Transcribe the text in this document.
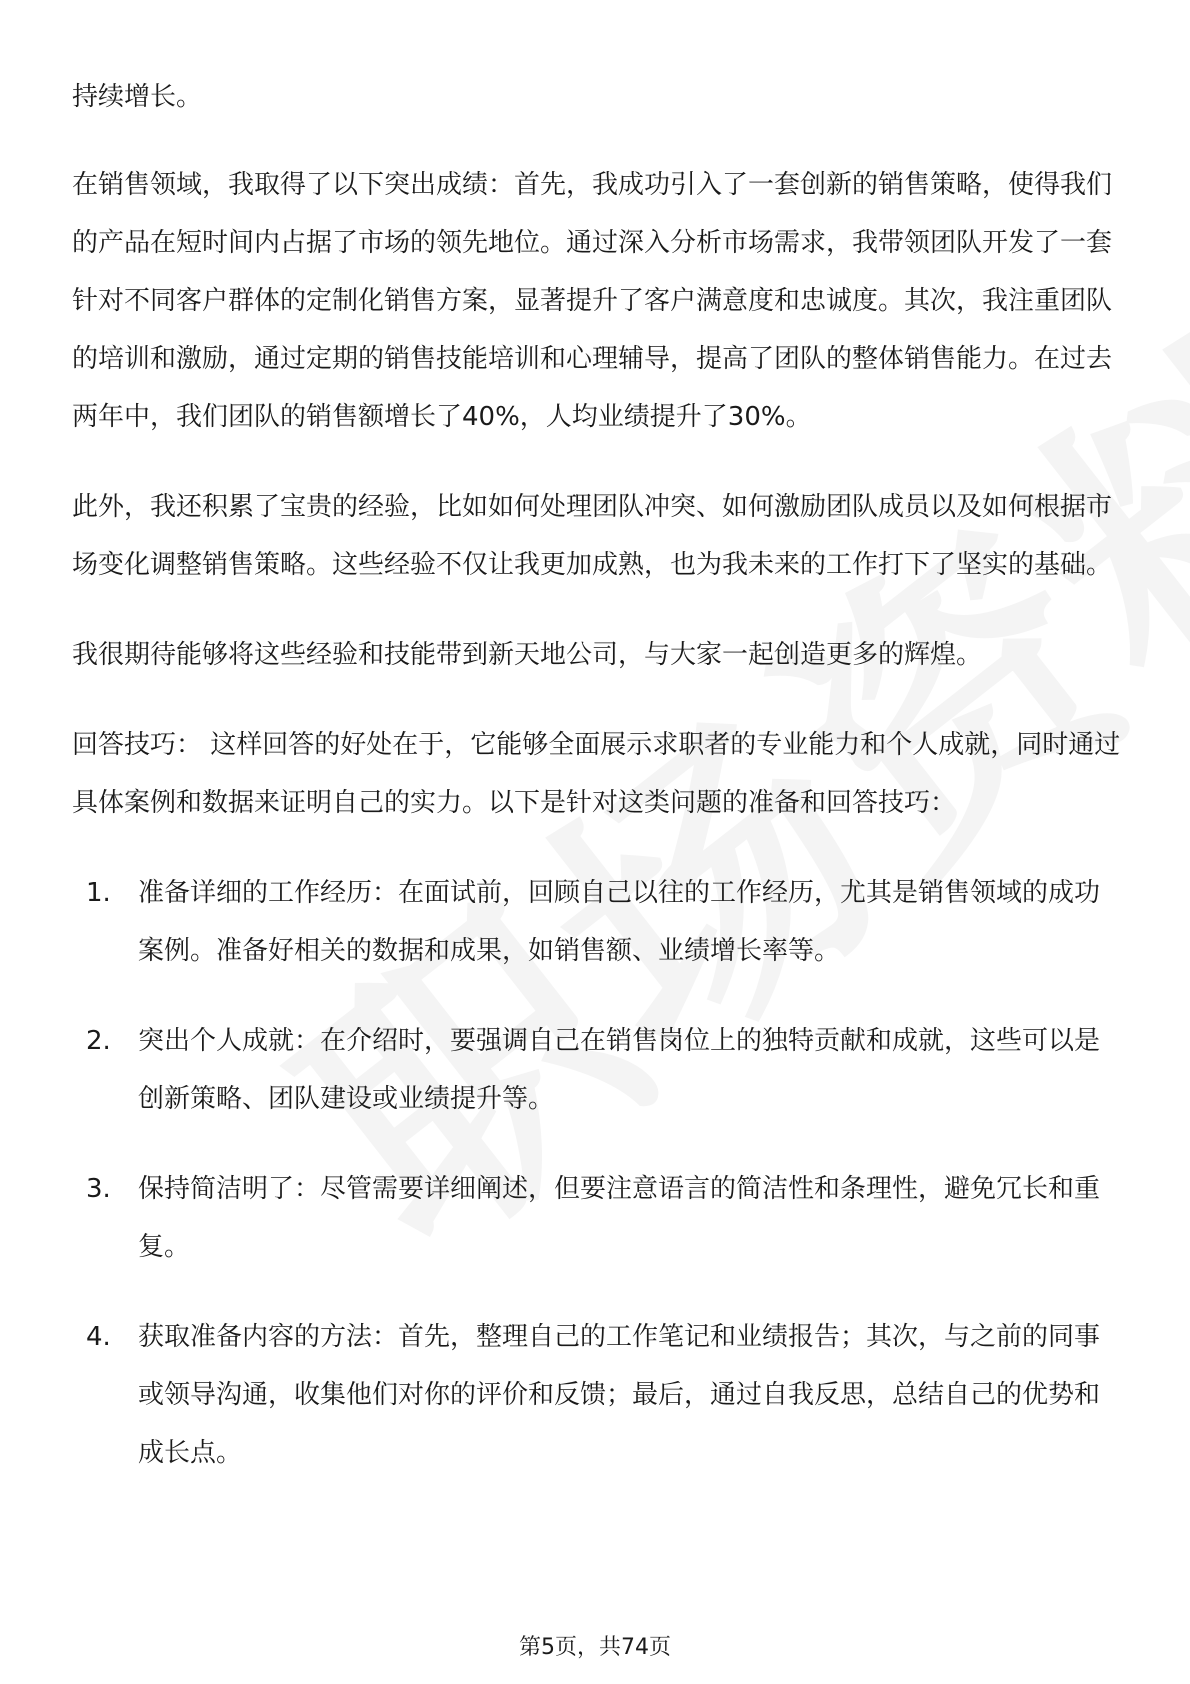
持续增长。

在销售领域，我取得了以下突出成绩：首先，我成功引入了一套创新的销售策略，使得我们的产品在短时间内占据了市场的领先地位。通过深入分析市场需求，我带领团队开发了一套针对不同客户群体的定制化销售方案，显著提升了客户满意度和忠诚度。其次，我注重团队的培训和激励，通过定期的销售技能培训和心理辅导，提高了团队的整体销售能力。在过去两年中，我们团队的销售额增长了40%，人均业绩提升了30%。

此外，我还积累了宝贵的经验，比如如何处理团队冲突、如何激励团队成员以及如何根据市场变化调整销售策略。这些经验不仅让我更加成熟，也为我未来的工作打下了坚实的基础。

我很期待能够将这些经验和技能带到新天地公司，与大家一起创造更多的辉煌。

回答技巧： 这样回答的好处在于，它能够全面展示求职者的专业能力和个人成就，同时通过具体案例和数据来证明自己的实力。以下是针对这类问题的准备和回答技巧：

1.	准备详细的工作经历：在面试前，回顾自己以往的工作经历，尤其是销售领域的成功案例。准备好相关的数据和成果，如销售额、业绩增长率等。
2.	突出个人成就：在介绍时，要强调自己在销售岗位上的独特贡献和成就，这些可以是创新策略、团队建设或业绩提升等。
3.	保持简洁明了：尽管需要详细阐述，但要注意语言的简洁性和条理性，避免冗长和重复。
4.	获取准备内容的方法：首先，整理自己的工作笔记和业绩报告；其次，与之前的同事或领导沟通，收集他们对你的评价和反馈；最后，通过自我反思，总结自己的优势和成长点。
第5页，共74页
